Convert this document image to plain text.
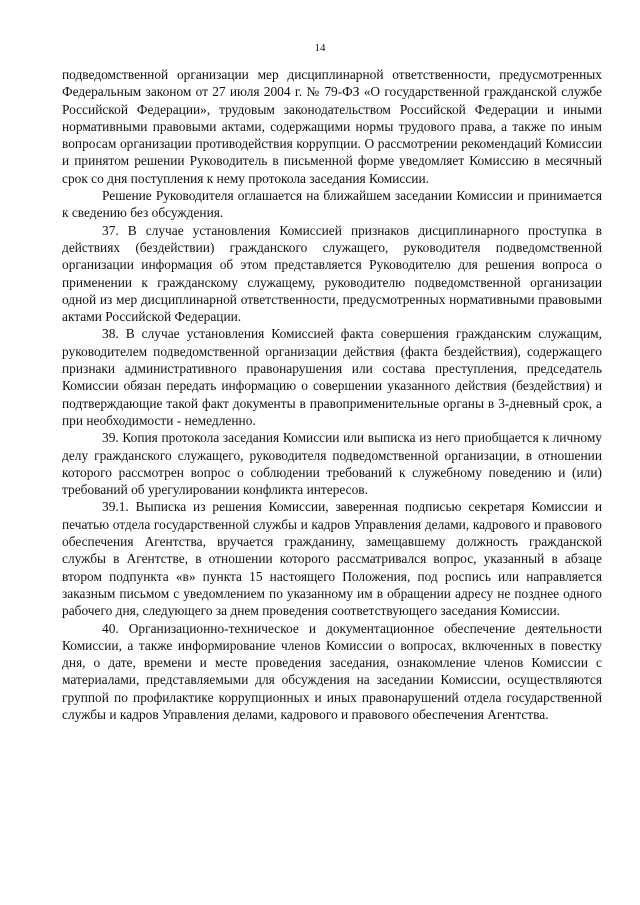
14

подведомственной организации мер дисциплинарной ответственности, предусмотренных Федеральным законом от 27 июля 2004 г. № 79-ФЗ «О государственной гражданской службе Российской Федерации», трудовым законодательством Российской Федерации и иными нормативными правовыми актами, содержащими нормы трудового права, а также по иным вопросам организации противодействия коррупции. О рассмотрении рекомендаций Комиссии и принятом решении Руководитель в письменной форме уведомляет Комиссию в месячный срок со дня поступления к нему протокола заседания Комиссии.

Решение Руководителя оглашается на ближайшем заседании Комиссии и принимается к сведению без обсуждения.

37. В случае установления Комиссией признаков дисциплинарного проступка в действиях (бездействии) гражданского служащего, руководителя подведомственной организации информация об этом представляется Руководителю для решения вопроса о применении к гражданскому служащему, руководителю подведомственной организации одной из мер дисциплинарной ответственности, предусмотренных нормативными правовыми актами Российской Федерации.

38. В случае установления Комиссией факта совершения гражданским служащим, руководителем подведомственной организации действия (факта бездействия), содержащего признаки административного правонарушения или состава преступления, председатель Комиссии обязан передать информацию о совершении указанного действия (бездействия) и подтверждающие такой факт документы в правоприменительные органы в 3-дневный срок, а при необходимости - немедленно.

39. Копия протокола заседания Комиссии или выписка из него приобщается к личному делу гражданского служащего, руководителя подведомственной организации, в отношении которого рассмотрен вопрос о соблюдении требований к служебному поведению и (или) требований об урегулировании конфликта интересов.

39.1. Выписка из решения Комиссии, заверенная подписью секретаря Комиссии и печатью отдела государственной службы и кадров Управления делами, кадрового и правового обеспечения Агентства, вручается гражданину, замещавшему должность гражданской службы в Агентстве, в отношении которого рассматривался вопрос, указанный в абзаце втором подпункта «в» пункта 15 настоящего Положения, под роспись или направляется заказным письмом с уведомлением по указанному им в обращении адресу не позднее одного рабочего дня, следующего за днем проведения соответствующего заседания Комиссии.

40. Организационно-техническое и документационное обеспечение деятельности Комиссии, а также информирование членов Комиссии о вопросах, включенных в повестку дня, о дате, времени и месте проведения заседания, ознакомление членов Комиссии с материалами, представляемыми для обсуждения на заседании Комиссии, осуществляются группой по профилактике коррупционных и иных правонарушений отдела государственной службы и кадров Управления делами, кадрового и правового обеспечения Агентства.
